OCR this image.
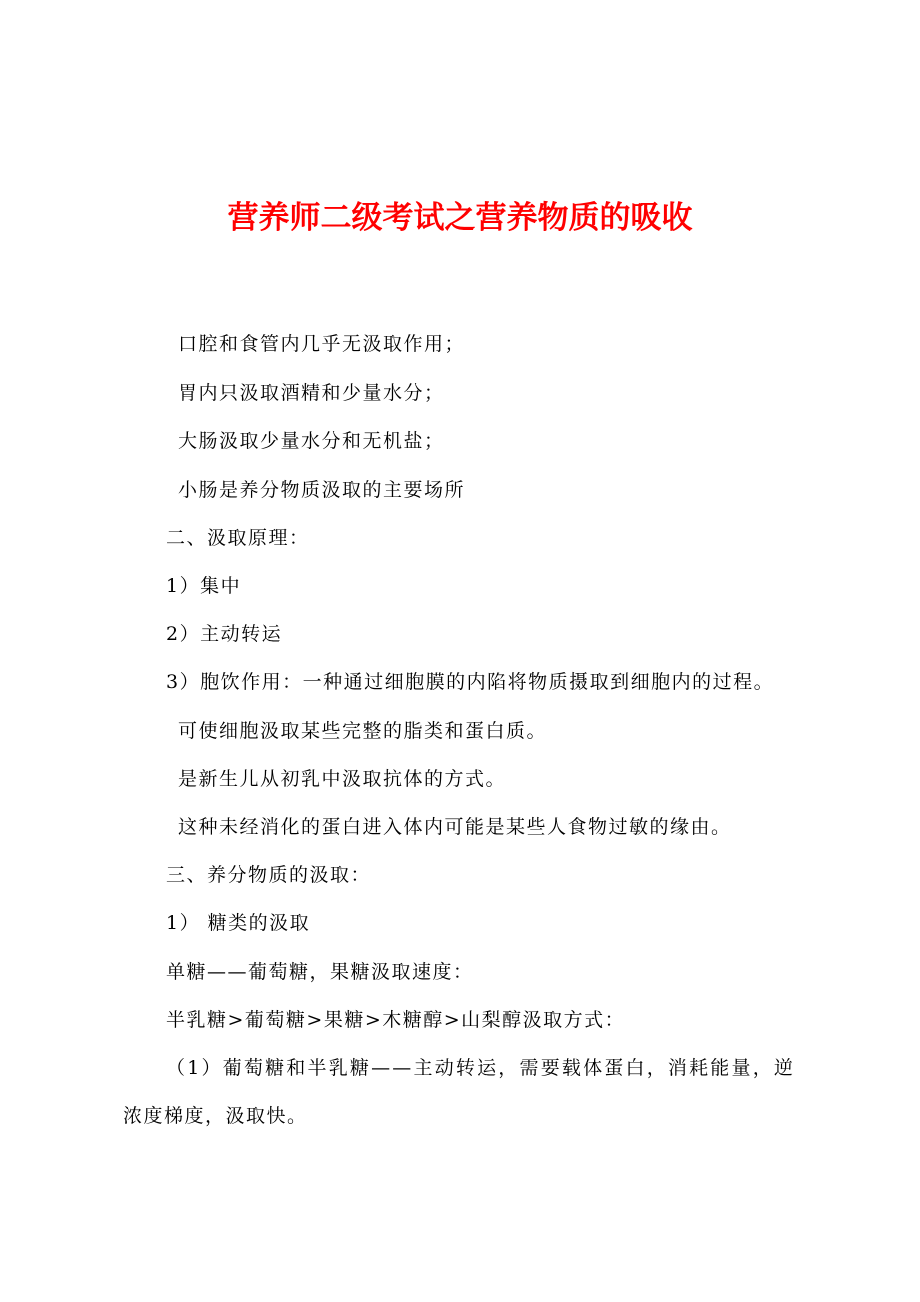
营养师二级考试之营养物质的吸收
口腔和食管内几乎无汲取作用；
胃内只汲取酒精和少量水分；
大肠汲取少量水分和无机盐；
小肠是养分物质汲取的主要场所
二、汲取原理：
1）集中
2）主动转运
3）胞饮作用：一种通过细胞膜的内陷将物质摄取到细胞内的过程。
可使细胞汲取某些完整的脂类和蛋白质。
是新生儿从初乳中汲取抗体的方式。
这种未经消化的蛋白进入体内可能是某些人食物过敏的缘由。
三、养分物质的汲取：
1） 糖类的汲取
单糖——葡萄糖，果糖汲取速度：
半乳糖>葡萄糖>果糖>木糖醇>山梨醇汲取方式：
（1）葡萄糖和半乳糖——主动转运，需要载体蛋白，消耗能量，逆
浓度梯度，汲取快。
